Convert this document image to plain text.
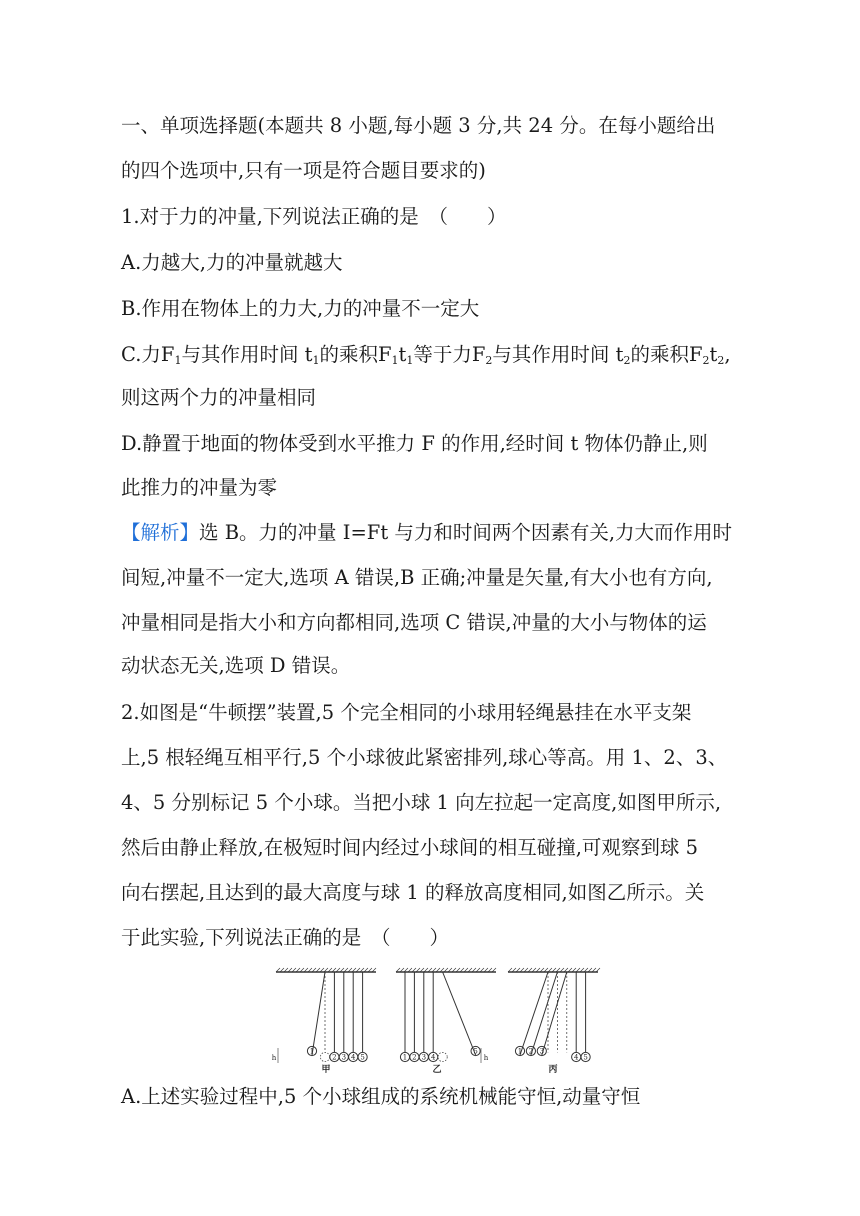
一、单项选择题(本题共 8 小题,每小题 3 分,共 24 分。在每小题给出
的四个选项中,只有一项是符合题目要求的)
1.对于力的冲量,下列说法正确的是　（　　）
A.力越大,力的冲量就越大
B.作用在物体上的力大,力的冲量不一定大
C.力$F_1$与其作用时间 $t_1$的乘积$F_1t_1$等于力$F_2$与其作用时间 $t_2$的乘积$F_2t_2$,
则这两个力的冲量相同
D.静置于地面的物体受到水平推力 F 的作用,经时间 t 物体仍静止,则
此推力的冲量为零
【解析】选 B。力的冲量 I=Ft 与力和时间两个因素有关,力大而作用时
间短,冲量不一定大,选项 A 错误,B 正确;冲量是矢量,有大小也有方向,
冲量相同是指大小和方向都相同,选项 C 错误,冲量的大小与物体的运
动状态无关,选项 D 错误。
2.如图是“牛顿摆”装置,5 个完全相同的小球用轻绳悬挂在水平支架
上,5 根轻绳互相平行,5 个小球彼此紧密排列,球心等高。用 1、2、3、
4、5 分别标记 5 个小球。当把小球 1 向左拉起一定高度,如图甲所示,
然后由静止释放,在极短时间内经过小球间的相互碰撞,可观察到球 5
向右摆起,且达到的最大高度与球 1 的释放高度相同,如图乙所示。关
于此实验,下列说法正确的是　（　　）
1
2 3 4 5
h
甲
1 2 3 4
5
h
乙
1 2 3
4 5
丙
A.上述实验过程中,5 个小球组成的系统机械能守恒,动量守恒
